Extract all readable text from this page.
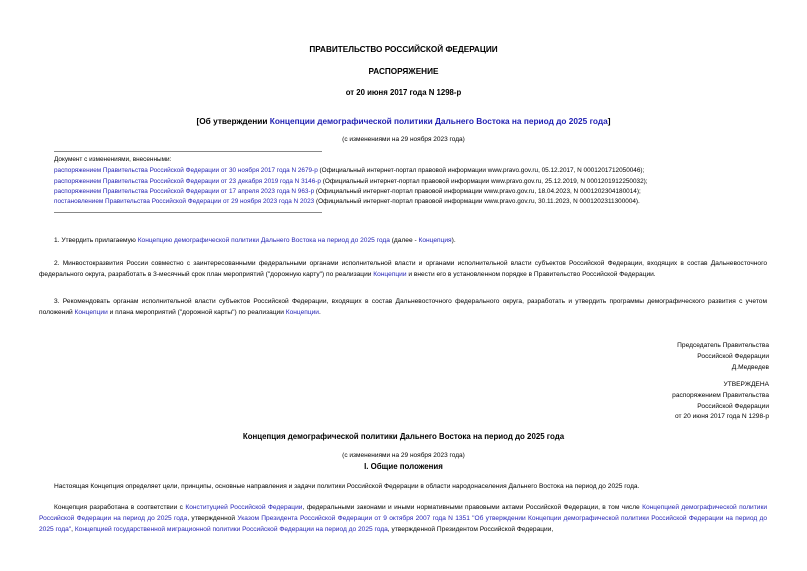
ПРАВИТЕЛЬСТВО РОССИЙСКОЙ ФЕДЕРАЦИИ
РАСПОРЯЖЕНИЕ
от 20 июня 2017 года N 1298-р
[Об утверждении Концепции демографической политики Дальнего Востока на период до 2025 года]
(с изменениями на 29 ноября 2023 года)
Документ с изменениями, внесенными:
распоряжением Правительства Российской Федерации от 30 ноября 2017 года N 2679-р (Официальный интернет-портал правовой информации www.pravo.gov.ru, 05.12.2017, N 0001201712050046);
распоряжением Правительства Российской Федерации от 23 декабря 2019 года N 3146-р (Официальный интернет-портал правовой информации www.pravo.gov.ru, 25.12.2019, N 0001201912250032);
распоряжением Правительства Российской Федерации от 17 апреля 2023 года N 963-р (Официальный интернет-портал правовой информации www.pravo.gov.ru, 18.04.2023, N 0001202304180014);
постановлением Правительства Российской Федерации от 29 ноября 2023 года N 2023 (Официальный интернет-портал правовой информации www.pravo.gov.ru, 30.11.2023, N 0001202311300004).
1. Утвердить прилагаемую Концепцию демографической политики Дальнего Востока на период до 2025 года (далее - Концепция).
2. Минвостокразвития России совместно с заинтересованными федеральными органами исполнительной власти и органами исполнительной власти субъектов Российской Федерации, входящих в состав Дальневосточного федерального округа, разработать в 3-месячный срок план мероприятий ("дорожную карту") по реализации Концепции и внести его в установленном порядке в Правительство Российской Федерации.
3. Рекомендовать органам исполнительной власти субъектов Российской Федерации, входящих в состав Дальневосточного федерального округа, разработать и утвердить программы демографического развития с учетом положений Концепции и плана мероприятий ("дорожной карты") по реализации Концепции.
Председатель Правительства
Российской Федерации
Д.Медведев
УТВЕРЖДЕНА
распоряжением Правительства
Российской Федерации
от 20 июня 2017 года N 1298-р
Концепция демографической политики Дальнего Востока на период до 2025 года
(с изменениями на 29 ноября 2023 года)
I. Общие положения
Настоящая Концепция определяет цели, принципы, основные направления и задачи политики Российской Федерации в области народонаселения Дальнего Востока на период до 2025 года.
Концепция разработана в соответствии с Конституцией Российской Федерации, федеральными законами и иными нормативными правовыми актами Российской Федерации, в том числе Концепцией демографической политики Российской Федерации на период до 2025 года, утвержденной Указом Президента Российской Федерации от 9 октября 2007 года N 1351 "Об утверждении Концепции демографической политики Российской Федерации на период до 2025 года", Концепцией государственной миграционной политики Российской Федерации на период до 2025 года, утвержденной Президентом Российской Федерации,
